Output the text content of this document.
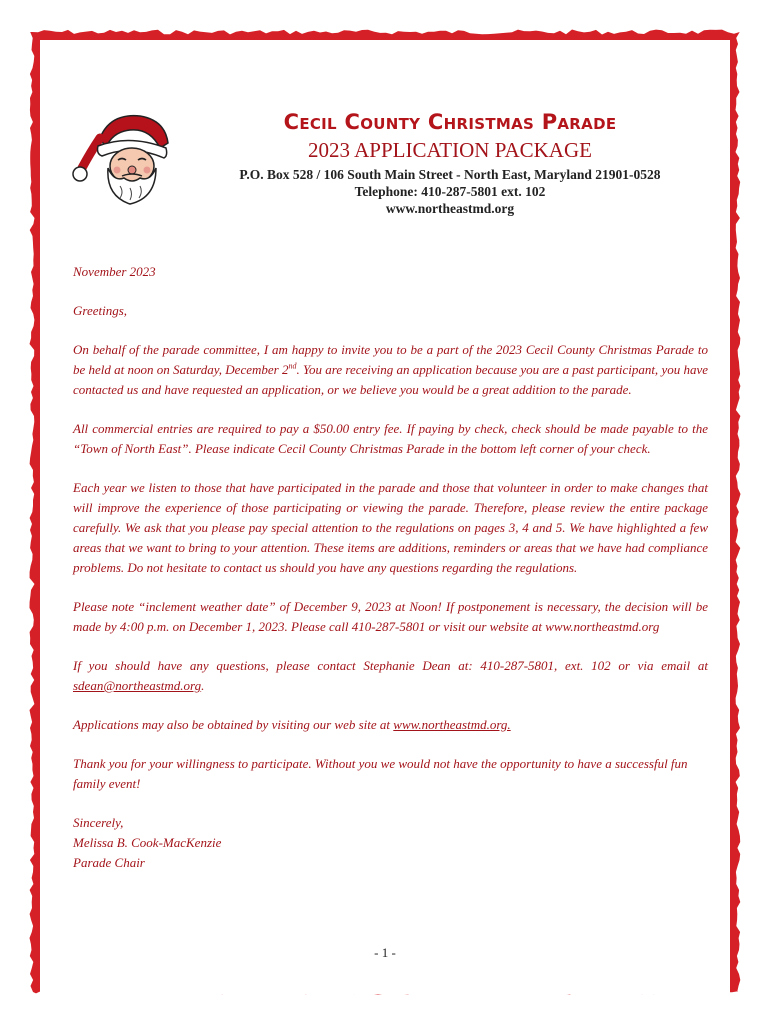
Cecil County Christmas Parade
2023 APPLICATION PACKAGE
P.O. Box 528 / 106 South Main Street - North East, Maryland 21901-0528
Telephone: 410-287-5801 ext. 102
www.northeastmd.org

November 2023

Greetings,

On behalf of the parade committee, I am happy to invite you to be a part of the 2023 Cecil County Christmas Parade to be held at noon on Saturday, December 2nd. You are receiving an application because you are a past participant, you have contacted us and have requested an application, or we believe you would be a great addition to the parade.

All commercial entries are required to pay a $50.00 entry fee. If paying by check, check should be made payable to the “Town of North East”. Please indicate Cecil County Christmas Parade in the bottom left corner of your check.

Each year we listen to those that have participated in the parade and those that volunteer in order to make changes that will improve the experience of those participating or viewing the parade. Therefore, please review the entire package carefully. We ask that you please pay special attention to the regulations on pages 3, 4 and 5. We have highlighted a few areas that we want to bring to your attention. These items are additions, reminders or areas that we have had compliance problems. Do not hesitate to contact us should you have any questions regarding the regulations.

Please note “inclement weather date” of December 9, 2023 at Noon! If postponement is necessary, the decision will be made by 4:00 p.m. on December 1, 2023. Please call 410-287-5801 or visit our website at www.northeastmd.org

If you should have any questions, please contact Stephanie Dean at: 410-287-5801, ext. 102 or via email at sdean@northeastmd.org.

Applications may also be obtained by visiting our web site at www.northeastmd.org.

Thank you for your willingness to participate. Without you we would not have the opportunity to have a successful fun family event!

Sincerely,
Melissa B. Cook-MacKenzie
Parade Chair
- 1 -
